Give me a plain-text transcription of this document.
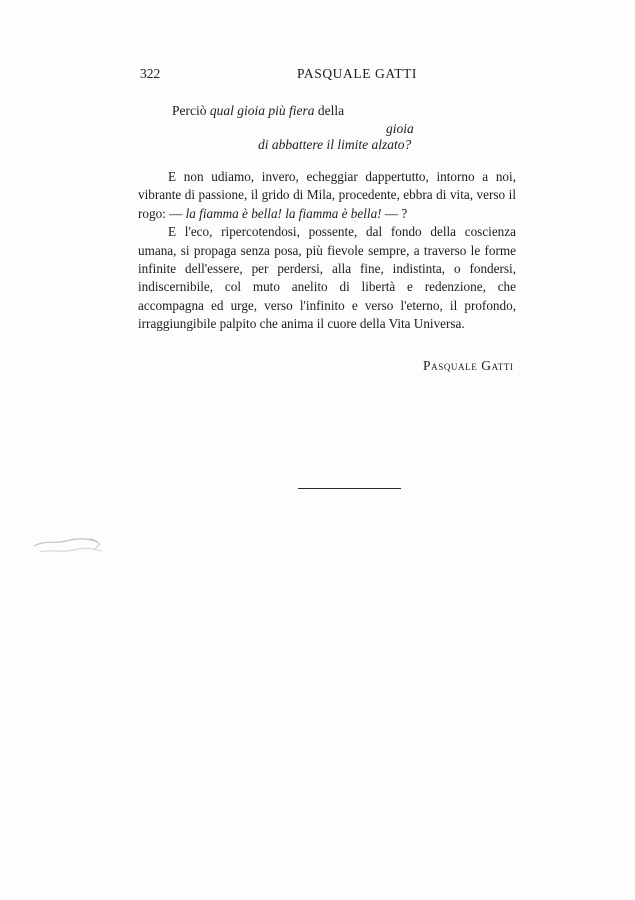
322	PASQUALE GATTI
Perciò qual gioia più fiera della
gioia
di abbattere il limite alzato?

E non udiamo, invero, echeggiar dappertutto, intorno a noi, vibrante di passione, il grido di Mila, procedente, ebbra di vita, verso il rogo: — la fiamma è bella! la fiamma è bella! — ?

E l'eco, ripercotendosi, possente, dal fondo della coscienza umana, si propaga senza posa, più fievole sempre, a traverso le forme infinite dell'essere, per perdersi, alla fine, indistinta, o fondersi, indiscernibile, col muto anelito di libertà e redenzione, che accompagna ed urge, verso l'infinito e verso l'eterno, il profondo, irraggiungibile palpito che anima il cuore della Vita Universa.

Pasquale Gatti
